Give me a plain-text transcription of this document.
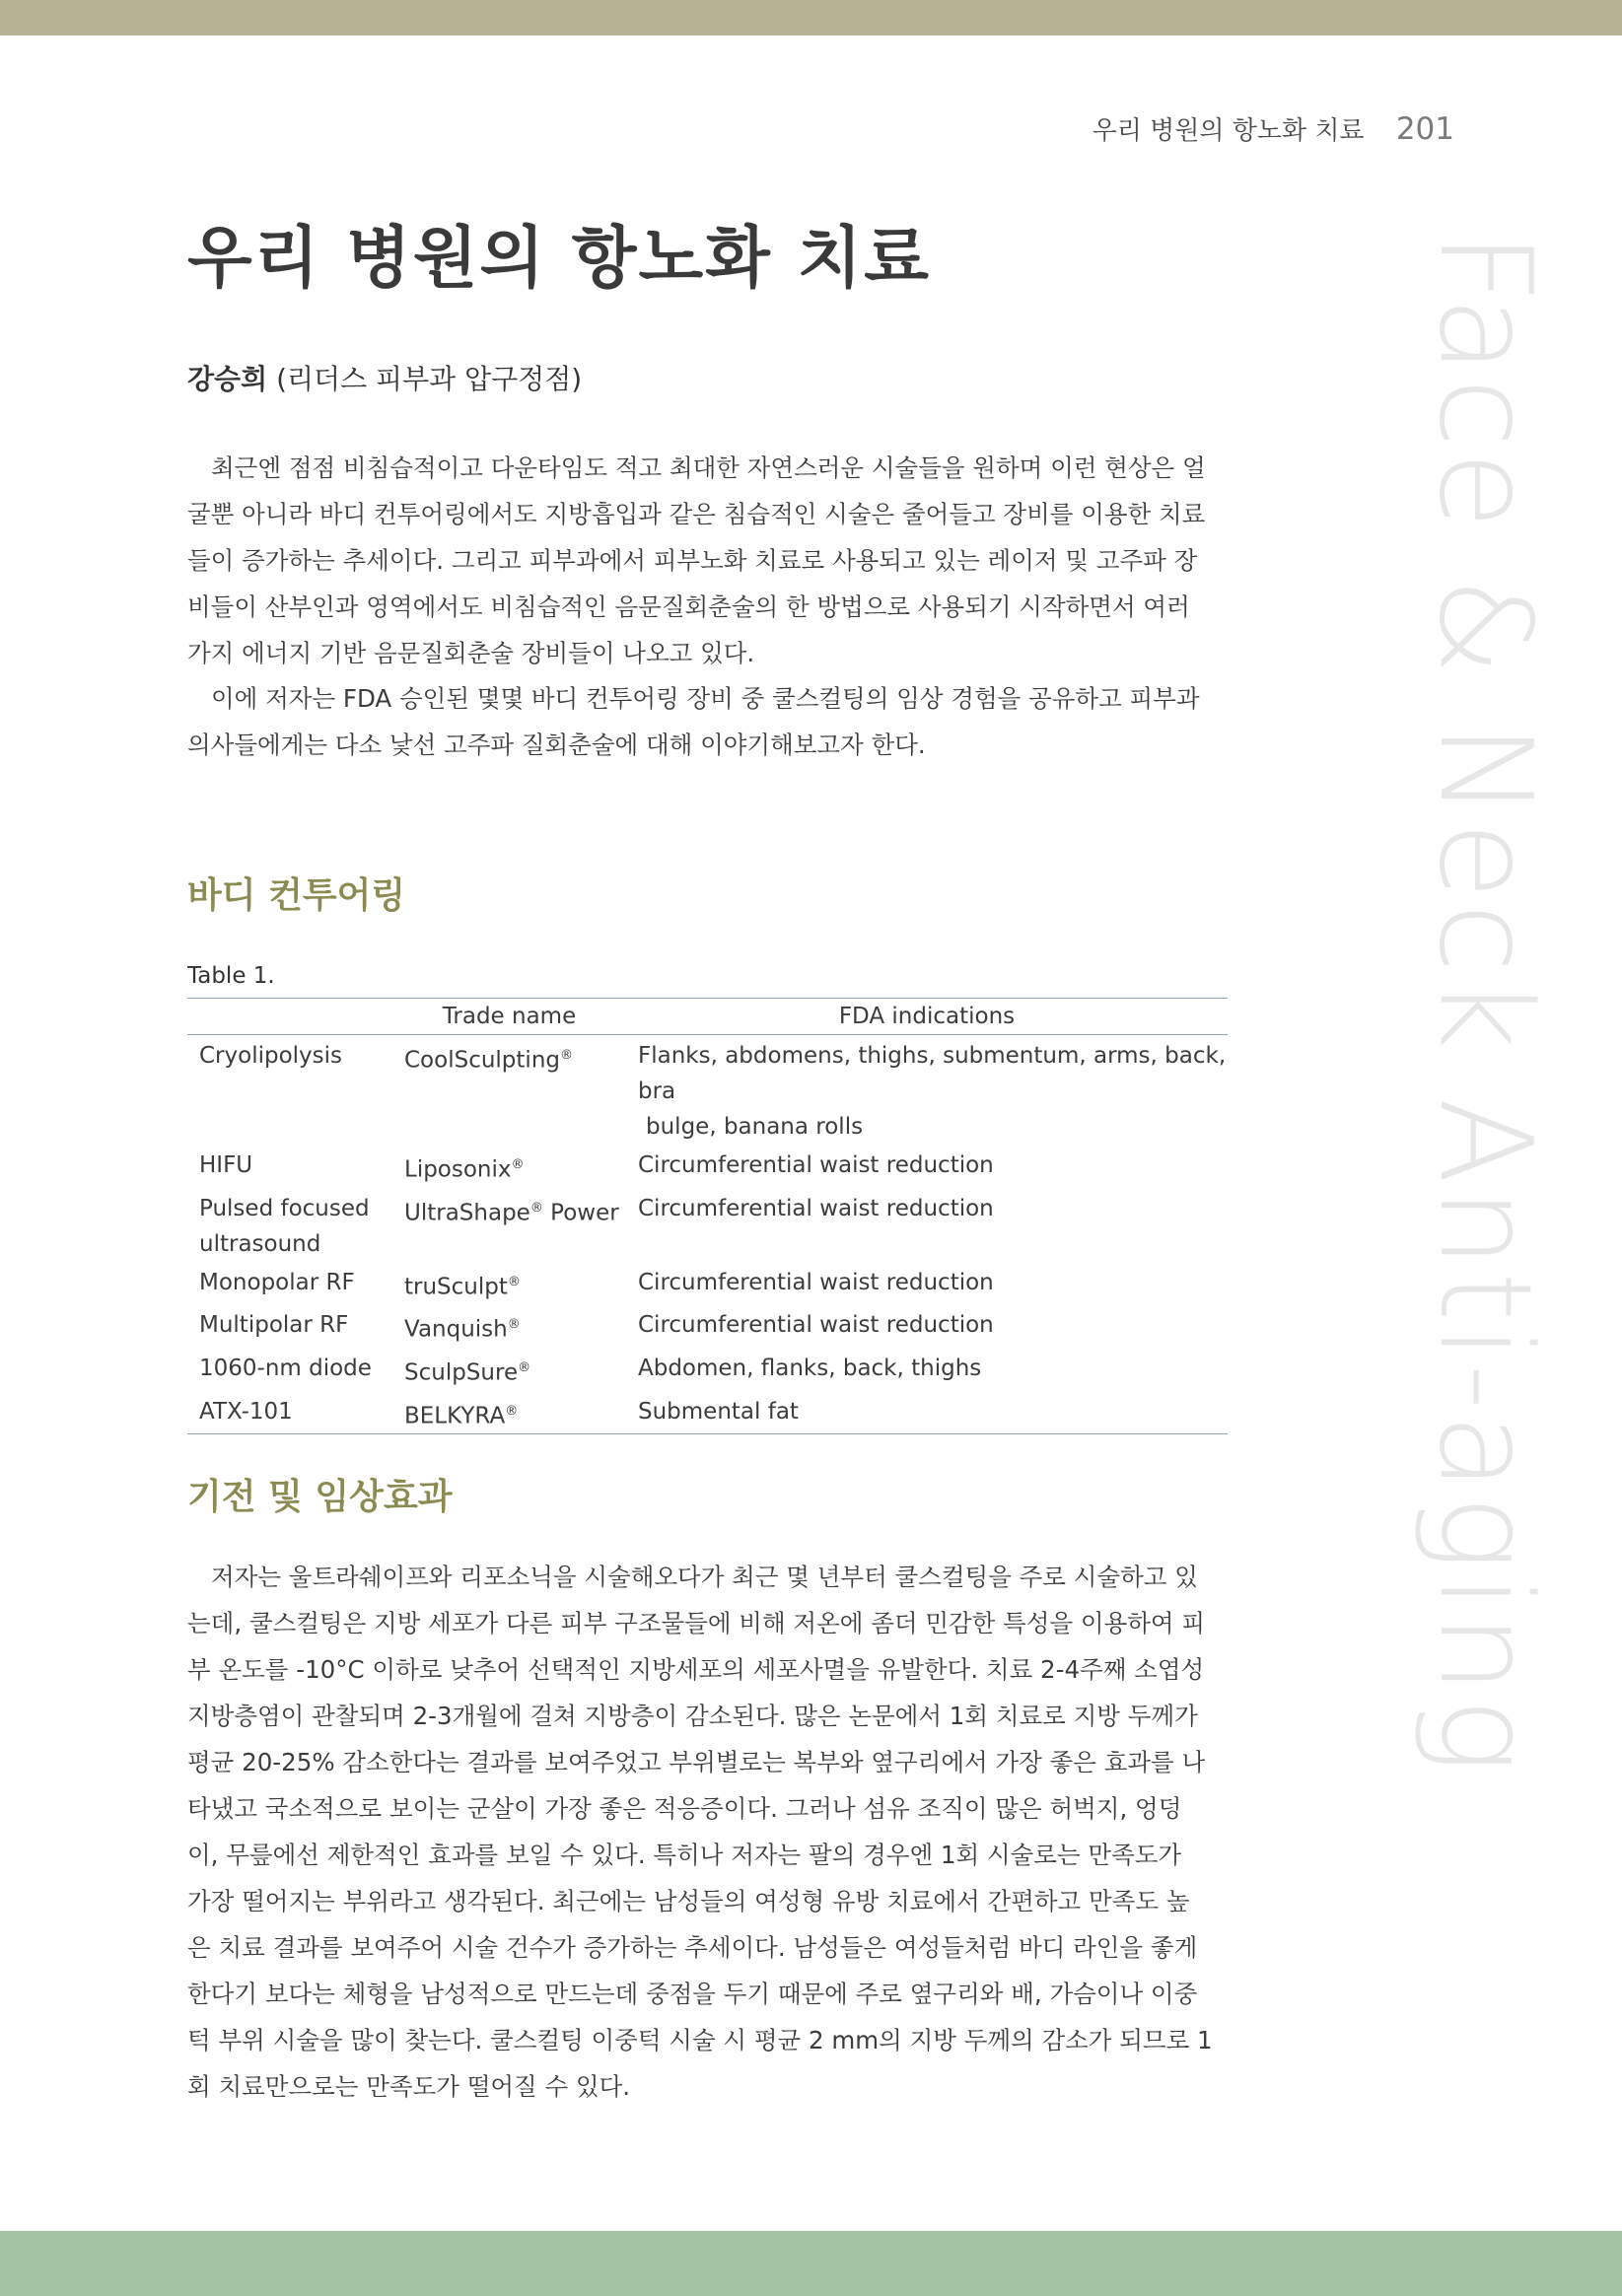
Face & Neck Anti-aging
우리 병원의 항노화 치료 201
우리 병원의 항노화 치료
강승희 (리더스 피부과 압구정점)

최근엔 점점 비침습적이고 다운타임도 적고 최대한 자연스러운 시술들을 원하며 이런 현상은 얼
굴뿐 아니라 바디 컨투어링에서도 지방흡입과 같은 침습적인 시술은 줄어들고 장비를 이용한 치료
들이 증가하는 추세이다. 그리고 피부과에서 피부노화 치료로 사용되고 있는 레이저 및 고주파 장
비들이 산부인과 영역에서도 비침습적인 음문질회춘술의 한 방법으로 사용되기 시작하면서 여러
가지 에너지 기반 음문질회춘술 장비들이 나오고 있다.

이에 저자는 FDA 승인된 몇몇 바디 컨투어링 장비 중 쿨스컬팅의 임상 경험을 공유하고 피부과
의사들에게는 다소 낯선 고주파 질회춘술에 대해 이야기해보고자 한다.

바디 컨투어링
Table 1.
	Trade name	FDA indications
Cryolipolysis	CoolSculpting®	Flanks, abdomens, thighs, submentum, arms, back, bra
bulge, banana rolls

HIFU	Liposonix®	Circumferential waist reduction
Pulsed focused ultrasound	UltraShape® Power	Circumferential waist reduction
Monopolar RF	truSculpt®	Circumferential waist reduction
Multipolar RF	Vanquish®	Circumferential waist reduction
1060-nm diode	SculpSure®	Abdomen, flanks, back, thighs
ATX-101	BELKYRA®	Submental fat
기전 및 임상효과

저자는 울트라쉐이프와 리포소닉을 시술해오다가 최근 몇 년부터 쿨스컬팅을 주로 시술하고 있
는데, 쿨스컬팅은 지방 세포가 다른 피부 구조물들에 비해 저온에 좀더 민감한 특성을 이용하여 피
부 온도를 -10°C 이하로 낮추어 선택적인 지방세포의 세포사멸을 유발한다. 치료 2-4주째 소엽성
지방층염이 관찰되며 2-3개월에 걸쳐 지방층이 감소된다. 많은 논문에서 1회 치료로 지방 두께가
평균 20-25% 감소한다는 결과를 보여주었고 부위별로는 복부와 옆구리에서 가장 좋은 효과를 나
타냈고 국소적으로 보이는 군살이 가장 좋은 적응증이다. 그러나 섬유 조직이 많은 허벅지, 엉덩
이, 무릎에선 제한적인 효과를 보일 수 있다. 특히나 저자는 팔의 경우엔 1회 시술로는 만족도가
가장 떨어지는 부위라고 생각된다. 최근에는 남성들의 여성형 유방 치료에서 간편하고 만족도 높
은 치료 결과를 보여주어 시술 건수가 증가하는 추세이다. 남성들은 여성들처럼 바디 라인을 좋게
한다기 보다는 체형을 남성적으로 만드는데 중점을 두기 때문에 주로 옆구리와 배, 가슴이나 이중
턱 부위 시술을 많이 찾는다. 쿨스컬팅 이중턱 시술 시 평균 2 mm의 지방 두께의 감소가 되므로 1
회 치료만으로는 만족도가 떨어질 수 있다.
